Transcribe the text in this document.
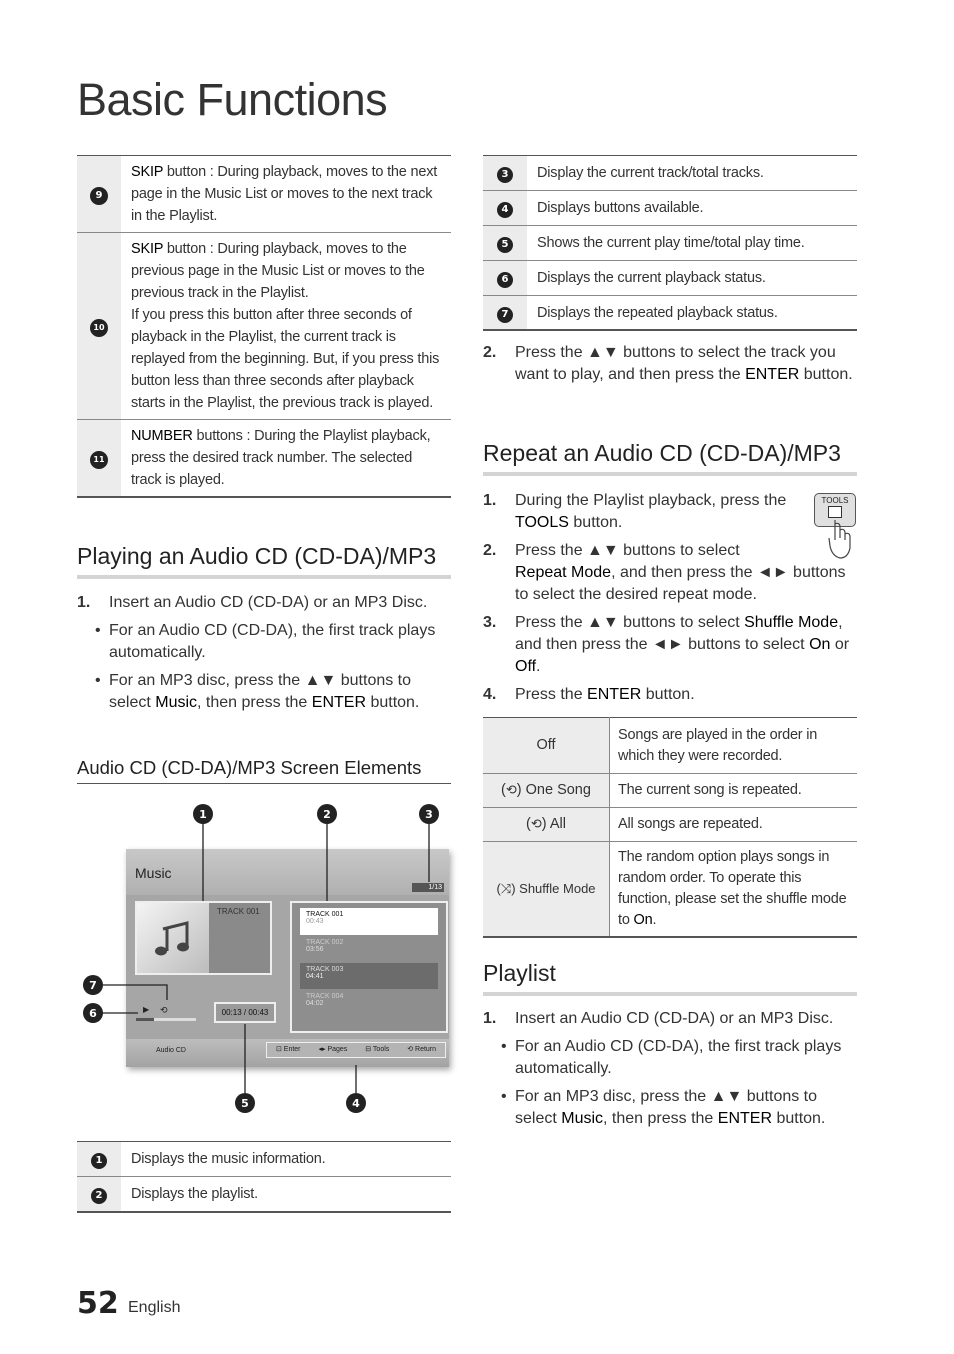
Basic Functions
9	SKIP button : During playback, moves to the next page in the Music List or moves to the next track in the Playlist.
10	SKIP button : During playback, moves to the previous page in the Music List or moves to the previous track in the Playlist.
If you press this button after three seconds of playback in the Playlist, the current track is replayed from the beginning. But, if you press this button less than three seconds after playback starts in the Playlist, the previous track is played.
11	NUMBER buttons : During the Playlist playback, press the desired track number. The selected track is played.
Playing an Audio CD (CD-DA)/MP3
1. Insert an Audio CD (CD-DA) or an MP3 Disc.
• For an Audio CD (CD-DA), the first track plays automatically.
• For an MP3 disc, press the ▲▼ buttons to select Music, then press the ENTER button.
Audio CD (CD-DA)/MP3 Screen Elements
Music
1/13
TRACK 001	TRACK 001
00:43
TRACK 002
03:56
TRACK 003
04:41
TRACK 004
04:02
▶ ⟲	00:13 / 00:43
Audio CD	⊡ Enter	◂▸ Pages	⊟ Tools	⟲ Return
1	2	3
4
5
6
7
1	Displays the music information.
2	Displays the playlist.
3	Display the current track/total tracks.
4	Displays buttons available.
5	Shows the current play time/total play time.
6	Displays the current playback status.
7	Displays the repeated playback status.
2. Press the ▲▼ buttons to select the track you want to play, and then press the ENTER button.
Repeat an Audio CD (CD-DA)/MP3
TOOLS
1. During the Playlist playback, press the TOOLS button.
2. Press the ▲▼ buttons to select
Repeat Mode, and then press the ◄► buttons to select the desired repeat mode.
3. Press the ▲▼ buttons to select Shuffle Mode, and then press the ◄► buttons to select On or Off.
4. Press the ENTER button.
Off	Songs are played in the order in which they were recorded.
(⟲) One Song	The current song is repeated.
(⟲) All	All songs are repeated.
(⤨) Shuffle Mode	The random option plays songs in random order. To operate this function, please set the shuffle mode to On.
Playlist
1. Insert an Audio CD (CD-DA) or an MP3 Disc.
• For an Audio CD (CD-DA), the first track plays automatically.
• For an MP3 disc, press the ▲▼ buttons to select Music, then press the ENTER button.
52 English
